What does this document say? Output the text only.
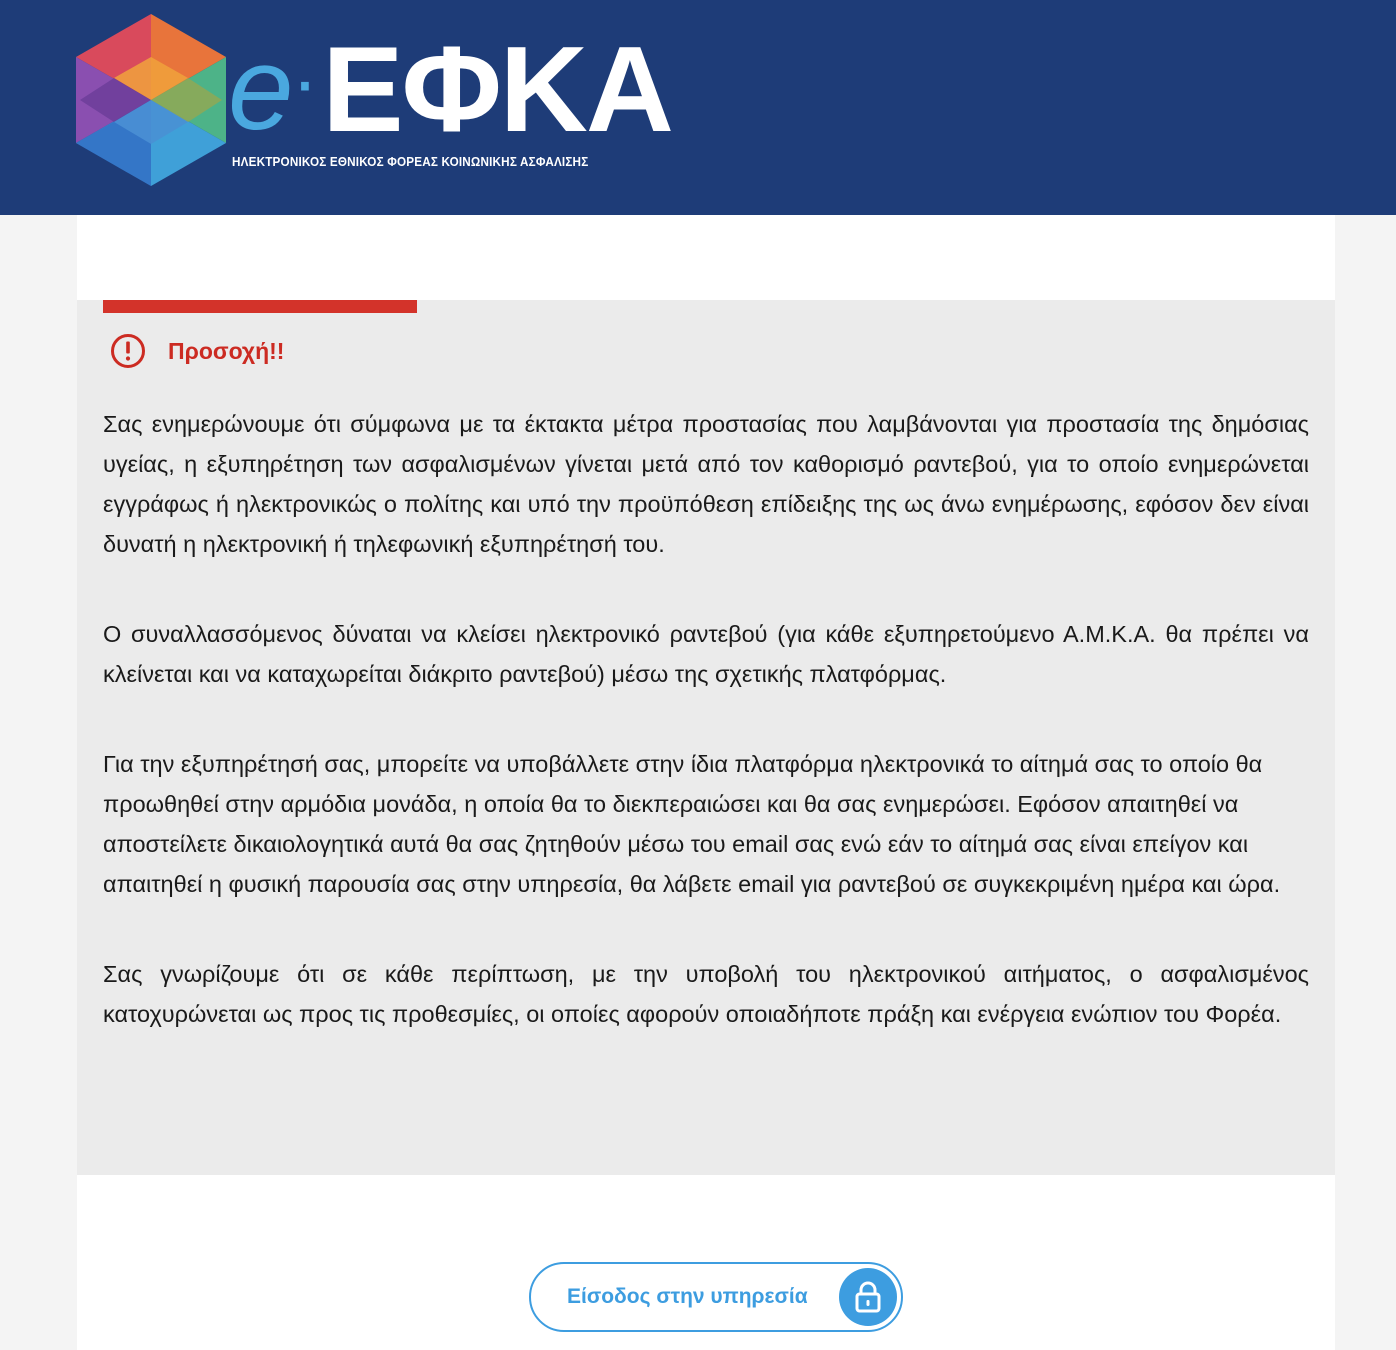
e · ΕΦΚΑ
ΗΛΕΚΤΡΟΝΙΚΟΣ ΕΘΝΙΚΟΣ ΦΟΡΕΑΣ ΚΟΙΝΩΝΙΚΗΣ ΑΣΦΑΛΙΣΗΣ
Προσοχή!!

Σας ενημερώνουμε ότι σύμφωνα με τα έκτακτα μέτρα προστασίας που λαμβάνονται για προστασία της δημόσιας υγείας, η εξυπηρέτηση των ασφαλισμένων γίνεται μετά από τον καθορισμό ραντεβού, για το οποίο ενημερώνεται εγγράφως ή ηλεκτρονικώς ο πολίτης και υπό την προϋπόθεση επίδειξης της ως άνω ενημέρωσης, εφόσον δεν είναι δυνατή η ηλεκτρονική ή τηλεφωνική εξυπηρέτησή του.

Ο συναλλασσόμενος δύναται να κλείσει ηλεκτρονικό ραντεβού (για κάθε εξυπηρετούμενο Α.Μ.Κ.Α. θα πρέπει να κλείνεται και να καταχωρείται διάκριτο ραντεβού) μέσω της σχετικής πλατφόρμας.

Για την εξυπηρέτησή σας, μπορείτε να υποβάλλετε στην ίδια πλατφόρμα ηλεκτρονικά το αίτημά σας το οποίο θα προωθηθεί στην αρμόδια μονάδα, η οποία θα το διεκπεραιώσει και θα σας ενημερώσει. Εφόσον απαιτηθεί να αποστείλετε δικαιολογητικά αυτά θα σας ζητηθούν μέσω του email σας ενώ εάν το αίτημά σας είναι επείγον και απαιτηθεί η φυσική παρουσία σας στην υπηρεσία, θα λάβετε email για ραντεβού σε συγκεκριμένη ημέρα και ώρα.

Σας γνωρίζουμε ότι σε κάθε περίπτωση, με την υποβολή του ηλεκτρονικού αιτήματος, ο ασφαλισμένος κατοχυρώνεται ως προς τις προθεσμίες, οι οποίες αφορούν οποιαδήποτε πράξη και ενέργεια ενώπιον του Φορέα.

Είσοδος στην υπηρεσία
